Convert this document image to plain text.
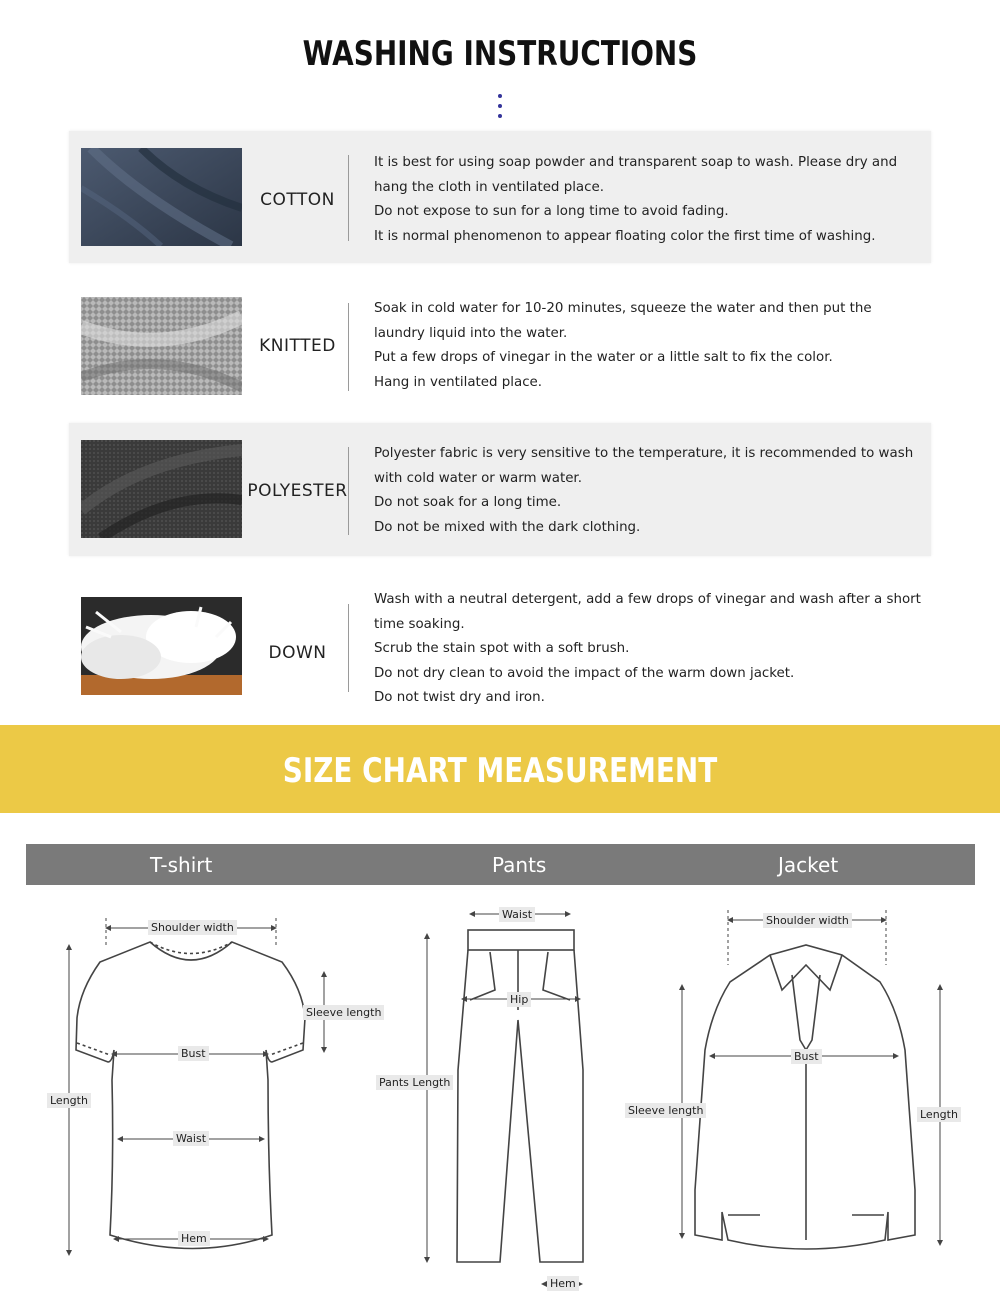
WASHING INSTRUCTIONS
COTTON
It is best for using soap powder and transparent soap to wash. Please dry and hang the cloth in ventilated place.
Do not expose to sun for a long time to avoid fading.
It is normal phenomenon to appear floating color the first time of washing.
KNITTED
Soak in cold water for 10-20 minutes, squeeze the water and then put the laundry liquid into the water.
Put a few drops of vinegar in the water or a little salt to fix the color.
Hang in ventilated place.
POLYESTER
Polyester fabric is very sensitive to the temperature, it is recommended to wash with cold water or warm water.
Do not soak for a long time.
Do not be mixed with the dark clothing.
DOWN
Wash with a neutral detergent, add a few drops of vinegar and wash after a short time soaking.
Scrub the stain spot with a soft brush.
Do not dry clean to avoid the impact of the warm down jacket.
Do not twist dry and iron.
SIZE CHART MEASUREMENT
T-shirt	Pants	Jacket
Shoulder width
Sleeve length
Bust
Length
Waist
Hem
Waist
Hip
Pants Length
Hem
Shoulder width
Bust
Sleeve length	Length
